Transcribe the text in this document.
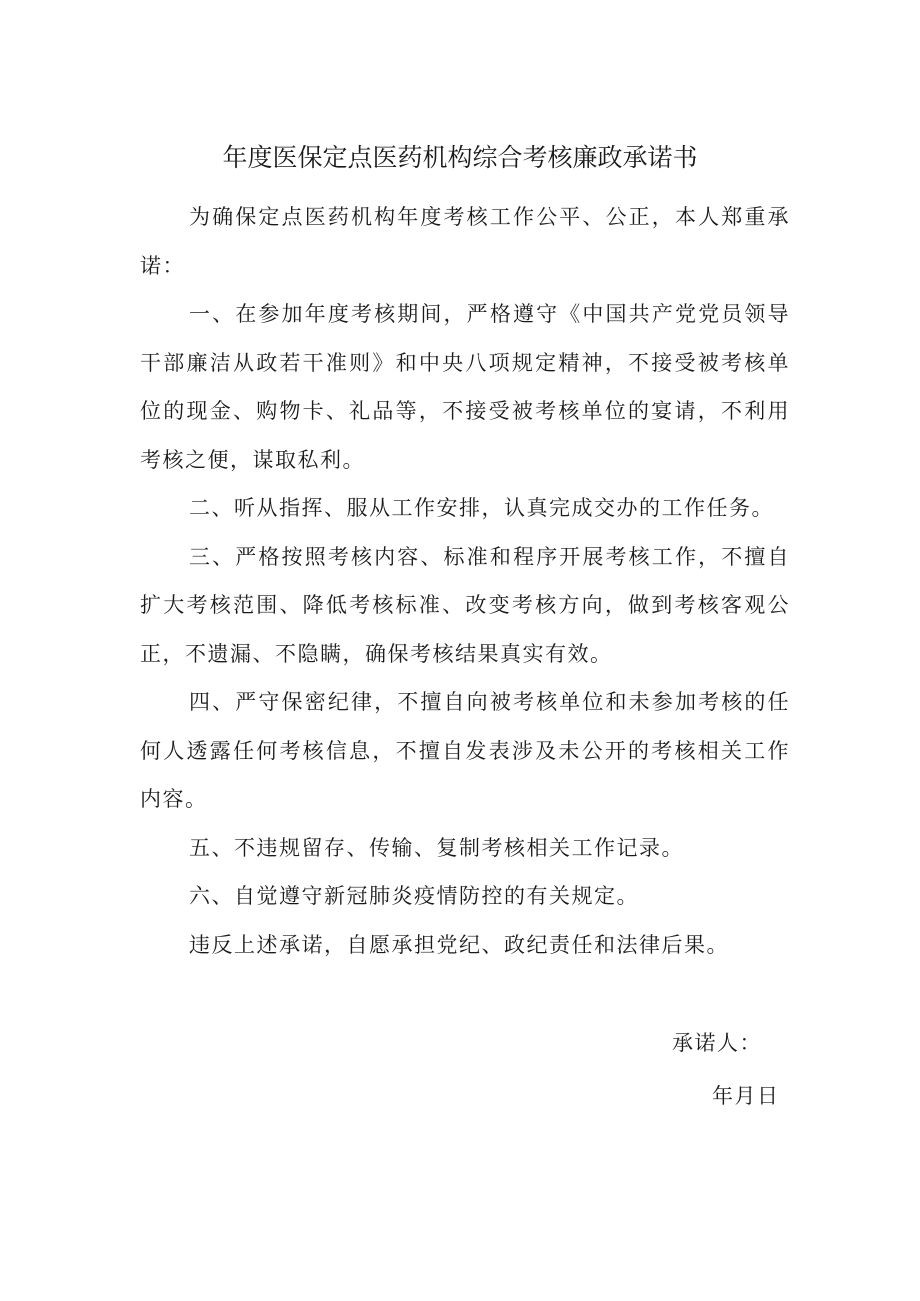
年度医保定点医药机构综合考核廉政承诺书

为确保定点医药机构年度考核工作公平、公正，本人郑重承诺：

一、在参加年度考核期间，严格遵守《中国共产党党员领导干部廉洁从政若干准则》和中央八项规定精神，不接受被考核单位的现金、购物卡、礼品等，不接受被考核单位的宴请，不利用考核之便，谋取私利。

二、听从指挥、服从工作安排，认真完成交办的工作任务。

三、严格按照考核内容、标准和程序开展考核工作，不擅自扩大考核范围、降低考核标准、改变考核方向，做到考核客观公正，不遗漏、不隐瞒，确保考核结果真实有效。

四、严守保密纪律，不擅自向被考核单位和未参加考核的任何人透露任何考核信息，不擅自发表涉及未公开的考核相关工作内容。

五、不违规留存、传输、复制考核相关工作记录。

六、自觉遵守新冠肺炎疫情防控的有关规定。

违反上述承诺，自愿承担党纪、政纪责任和法律后果。

承诺人：
年月日
